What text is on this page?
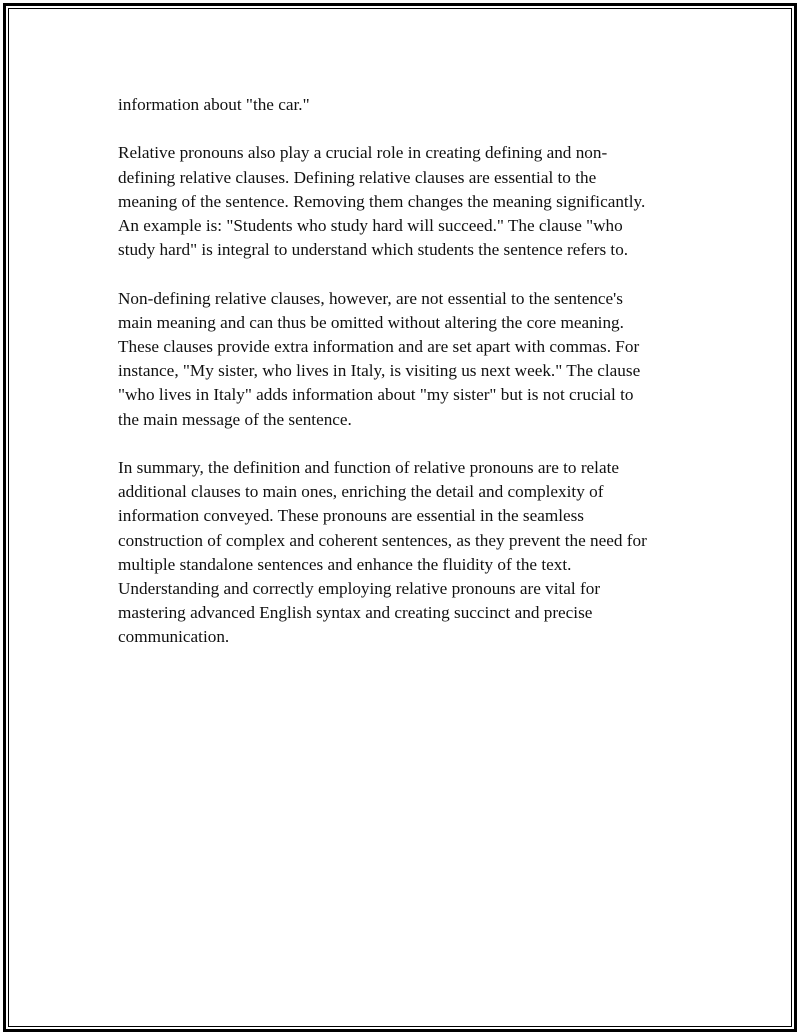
information about "the car."

Relative pronouns also play a crucial role in creating defining and non-
defining relative clauses. Defining relative clauses are essential to the
meaning of the sentence. Removing them changes the meaning significantly.
An example is: "Students who study hard will succeed." The clause "who
study hard" is integral to understand which students the sentence refers to.

Non-defining relative clauses, however, are not essential to the sentence's
main meaning and can thus be omitted without altering the core meaning.
These clauses provide extra information and are set apart with commas. For
instance, "My sister, who lives in Italy, is visiting us next week." The clause
"who lives in Italy" adds information about "my sister" but is not crucial to
the main message of the sentence.

In summary, the definition and function of relative pronouns are to relate
additional clauses to main ones, enriching the detail and complexity of
information conveyed. These pronouns are essential in the seamless
construction of complex and coherent sentences, as they prevent the need for
multiple standalone sentences and enhance the fluidity of the text.
Understanding and correctly employing relative pronouns are vital for
mastering advanced English syntax and creating succinct and precise
communication.
